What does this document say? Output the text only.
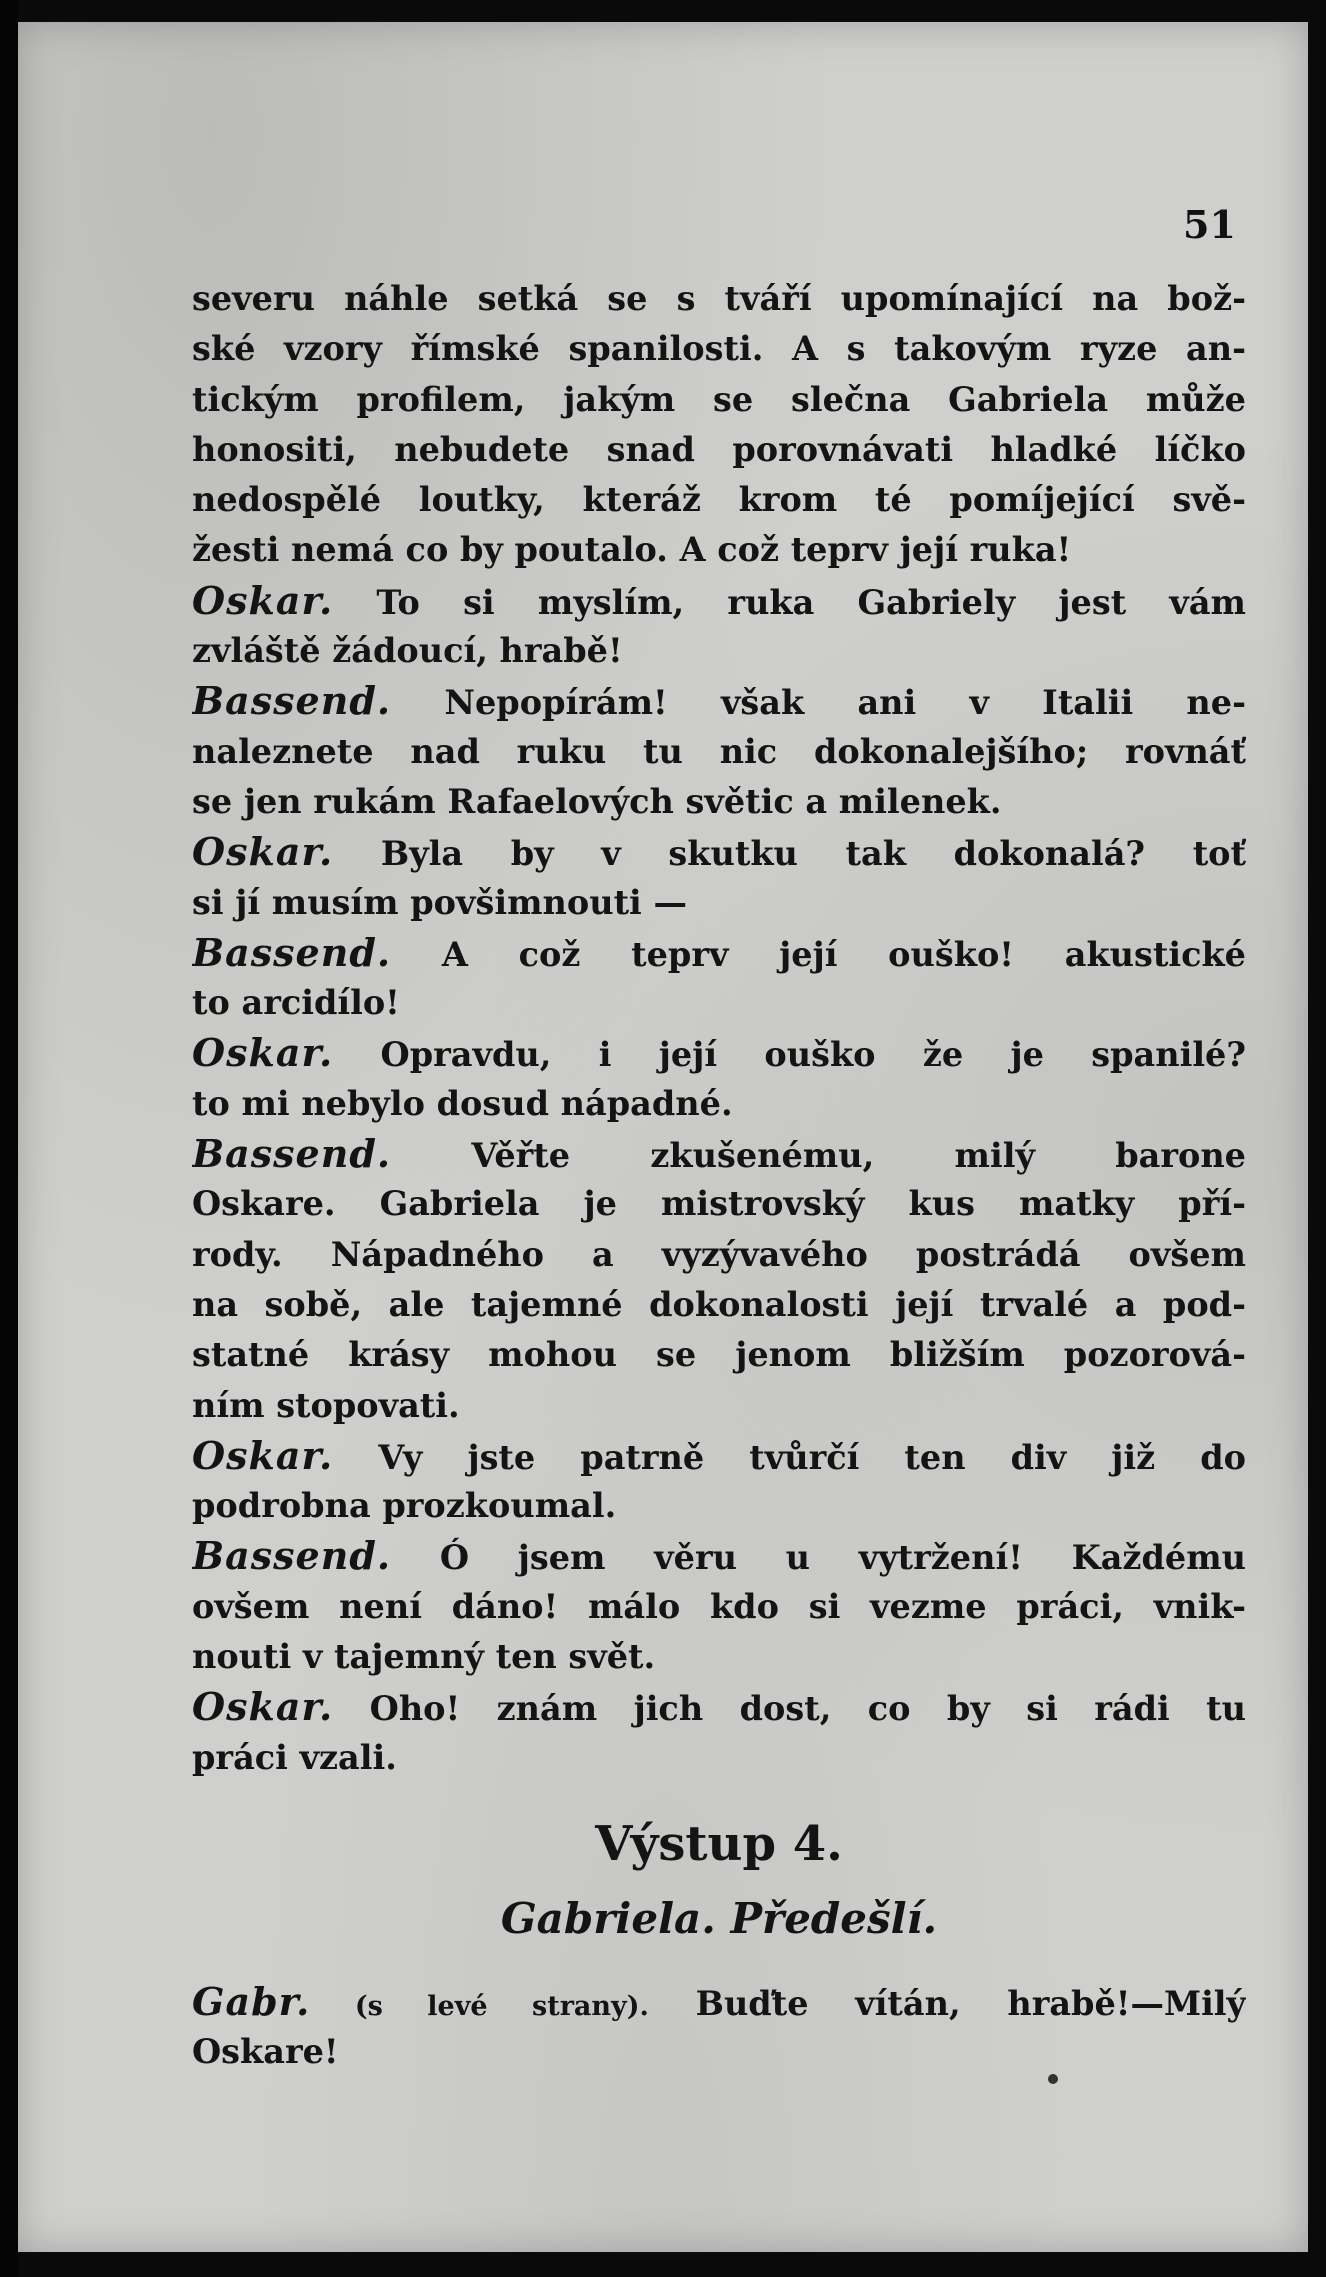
51
severu náhle setká se s tváří upomínající na bož-
ské vzory římské spanilosti. A s takovým ryze an-
tickým profilem, jakým se slečna Gabriela může
honositi, nebudete snad porovnávati hladké líčko
nedospělé loutky, kteráž krom té pomíjející svě-
žesti nemá co by poutalo. A což teprv její ruka!
Oskar. To si myslím, ruka Gabriely jest vám
zvláště žádoucí, hrabě!
Bassend. Nepopírám! však ani v Italii ne-
naleznete nad ruku tu nic dokonalejšího; rovnáť
se jen rukám Rafaelových světic a milenek.
Oskar. Byla by v skutku tak dokonalá? toť
si jí musím povšimnouti —
Bassend. A což teprv její ouško! akustické
to arcidílo!
Oskar. Opravdu, i její ouško že je spanilé?
to mi nebylo dosud nápadné.
Bassend. Věřte zkušenému, milý barone
Oskare. Gabriela je mistrovský kus matky pří-
rody. Nápadného a vyzývavého postrádá ovšem
na sobě, ale tajemné dokonalosti její trvalé a pod-
statné krásy mohou se jenom bližším pozorová-
ním stopovati.
Oskar. Vy jste patrně tvůrčí ten div již do
podrobna prozkoumal.
Bassend. Ó jsem věru u vytržení! Každému
ovšem není dáno! málo kdo si vezme práci, vnik-
nouti v tajemný ten svět.
Oskar. Oho! znám jich dost, co by si rádi tu
práci vzali.
Výstup 4.
Gabriela. Předešlí.
Gabr. (s levé strany). Buďte vítán, hrabě!—Milý
Oskare!
